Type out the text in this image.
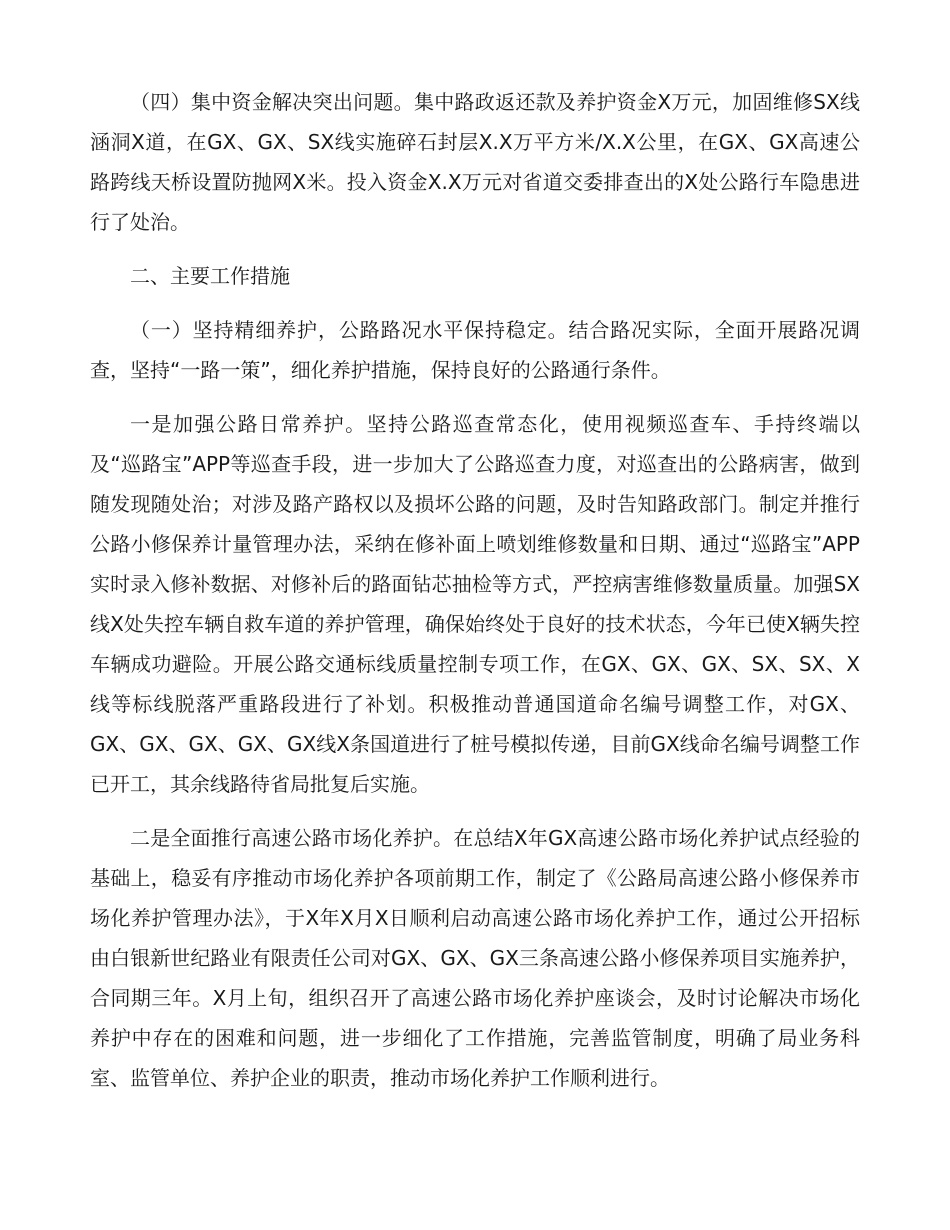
（四）集中资金解决突出问题。集中路政返还款及养护资金X万元，加固维修SX线涵洞X道，在GX、GX、SX线实施碎石封层X.X万平方米/X.X公里，在GX、GX高速公路跨线天桥设置防抛网X米。投入资金X.X万元对省道交委排查出的X处公路行车隐患进行了处治。

二、主要工作措施

（一）坚持精细养护，公路路况水平保持稳定。结合路况实际，全面开展路况调查，坚持“一路一策”，细化养护措施，保持良好的公路通行条件。

一是加强公路日常养护。坚持公路巡查常态化，使用视频巡查车、手持终端以及“巡路宝”APP等巡查手段，进一步加大了公路巡查力度，对巡查出的公路病害，做到随发现随处治；对涉及路产路权以及损坏公路的问题，及时告知路政部门。制定并推行公路小修保养计量管理办法，采纳在修补面上喷划维修数量和日期、通过“巡路宝”APP实时录入修补数据、对修补后的路面钻芯抽检等方式，严控病害维修数量质量。加强SX线X处失控车辆自救车道的养护管理，确保始终处于良好的技术状态，今年已使X辆失控车辆成功避险。开展公路交通标线质量控制专项工作，在GX、GX、GX、SX、SX、X线等标线脱落严重路段进行了补划。积极推动普通国道命名编号调整工作，对GX、GX、GX、GX、GX、GX线X条国道进行了桩号模拟传递，目前GX线命名编号调整工作已开工，其余线路待省局批复后实施。

二是全面推行高速公路市场化养护。在总结X年GX高速公路市场化养护试点经验的基础上，稳妥有序推动市场化养护各项前期工作，制定了《公路局高速公路小修保养市场化养护管理办法》，于X年X月X日顺利启动高速公路市场化养护工作，通过公开招标由白银新世纪路业有限责任公司对GX、GX、GX三条高速公路小修保养项目实施养护，合同期三年。X月上旬，组织召开了高速公路市场化养护座谈会，及时讨论解决市场化养护中存在的困难和问题，进一步细化了工作措施，完善监管制度，明确了局业务科室、监管单位、养护企业的职责，推动市场化养护工作顺利进行。
